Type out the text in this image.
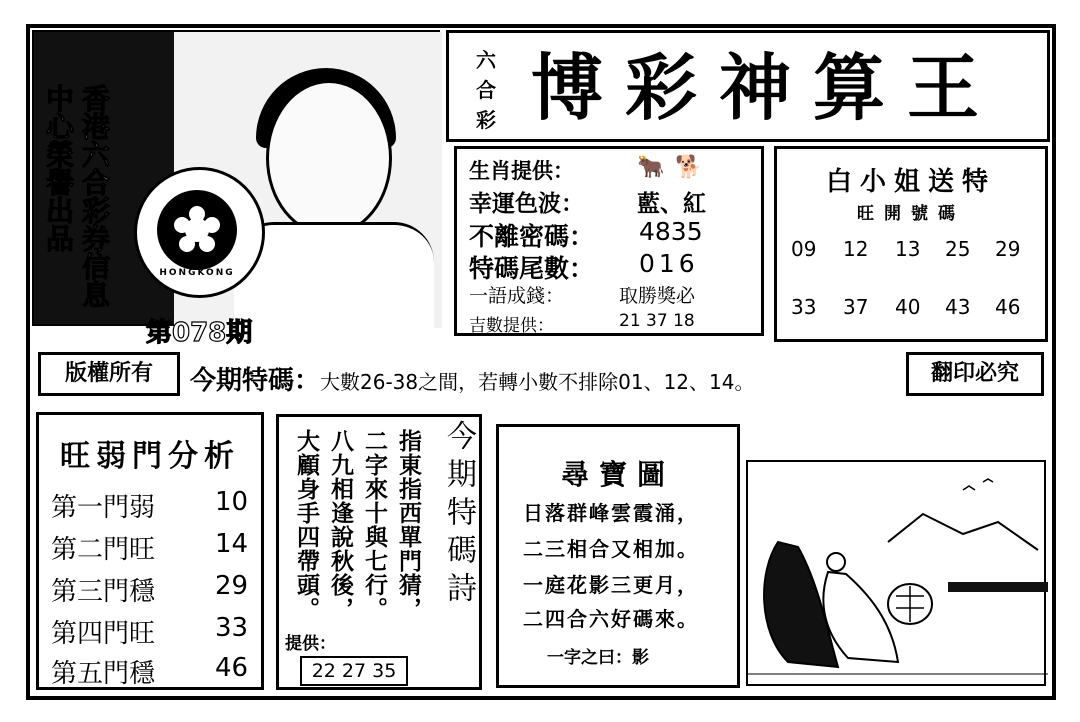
香港六合彩券信息中心榮譽出品
HONGKONG
第078期
六
合
彩 博彩神算王
生肖提供：	🐂 🐕
幸運色波： 藍、紅
不離密碼： 4835
特碼尾數： 016
一語成錢：	取勝獎必
吉數提供：	21 37 18
白小姐送特
旺開號碼
09 12 13 25 29
33 37 40 43 46
版權所有	今期特碼：大數26-38之間，若轉小數不排除01、12、14。	翻印必究
旺弱門分析
第一門弱 10
第二門旺 14
第三門穩 29
第四門旺 33
第五門穩 46
指東指西單門猜，
二字來十與七行。
八九相逢說秋後，
大顧身手四帶頭。
提供：
今期特碼詩
22 27 35
尋寶圖
日落群峰雲霞涌，
二三相合又相加。
一庭花影三更月，
二四合六好碼來。
一字之曰：影
